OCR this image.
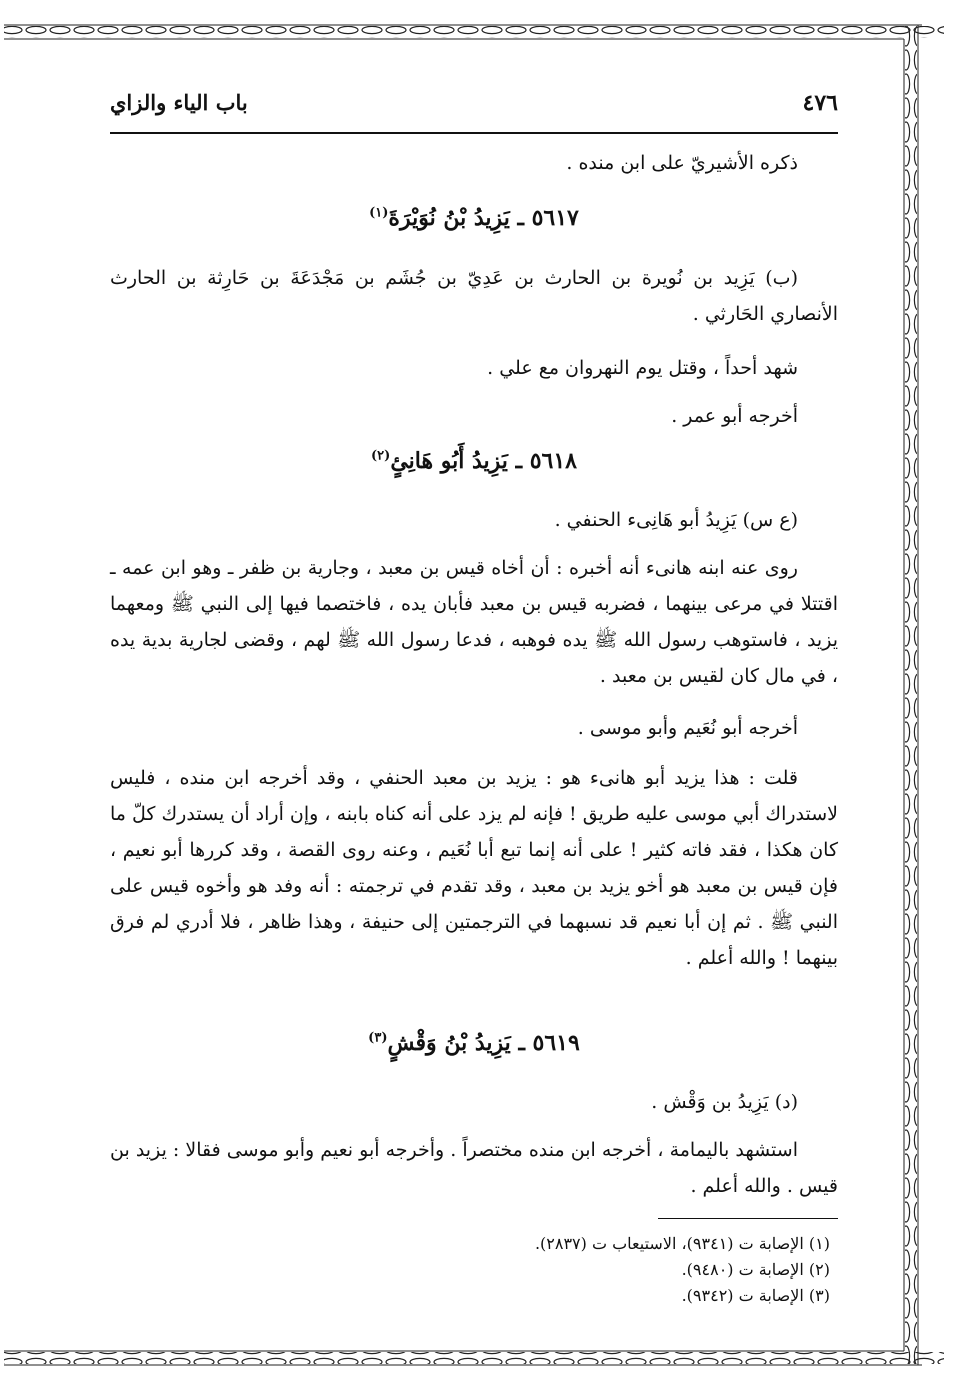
٤٧٦
باب الياء والزاي
ذكره الأشيريّ على ابن منده .
٥٦١٧ ـ يَزِيدُ بْنُ نُوَيْرَةَ$^{(١)}$
(ب) يَزِيد بن نُويرة بن الحارث بن عَدِيّ بن جُشَم بن مَجْدَعَةَ بن حَارِثة بن الحارث الأنصاري الحَارثي .
شهد أحداً ، وقتل يوم النهروان مع علي .
أخرجه أبو عمر .
٥٦١٨ ـ يَزِيدُ أَبُو هَانِئٍ$^{(٢)}$
(ع س) يَزِيدُ أبو هَانِىء الحنفي .
روى عنه ابنه هانىء أنه أخبره : أن أخاه قيس بن معبد ، وجارية بن ظفر ـ وهو ابن عمه ـ اقتتلا في مرعى بينهما ، فضربه قيس بن معبد فأبان يده ، فاختصما فيها إلى النبي ﷺ ومعهما يزيد ، فاستوهب رسول الله ﷺ يده فوهبه ، فدعا رسول الله ﷺ لهم ، وقضى لجارية بدية يده ، في مال كان لقيس بن معبد .
أخرجه أبو نُعَيم وأبو موسى .
قلت : هذا يزيد أبو هانىء هو : يزيد بن معبد الحنفي ، وقد أخرجه ابن منده ، فليس لاستدراك أبي موسى عليه طريق ! فإنه لم يزد على أنه كناه بابنه ، وإن أراد أن يستدرك كلّ ما كان هكذا ، فقد فاته كثير ! على أنه إنما تبع أبا نُعَيم ، وعنه روى القصة ، وقد كررها أبو نعيم ، فإن قيس بن معبد هو أخو يزيد بن معبد ، وقد تقدم في ترجمته : أنه وفد هو وأخوه قيس على النبي ﷺ . ثم إن أبا نعيم قد نسبهما في الترجمتين إلى حنيفة ، وهذا ظاهر ، فلا أدري لم فرق بينهما ! والله أعلم .
٥٦١٩ ـ يَزِيدُ بْنُ وَقْشٍ$^{(٣)}$
(د) يَزِيدُ بن وَقْش .
استشهد باليمامة ، أخرجه ابن منده مختصراً . وأخرجه أبو نعيم وأبو موسى فقالا : يزيد بن قيس . والله أعلم .
(١) الإصابة ت (٩٣٤١)، الاستيعاب ت (٢٨٣٧).
(٢) الإصابة ت (٩٤٨٠).
(٣) الإصابة ت (٩٣٤٢).
